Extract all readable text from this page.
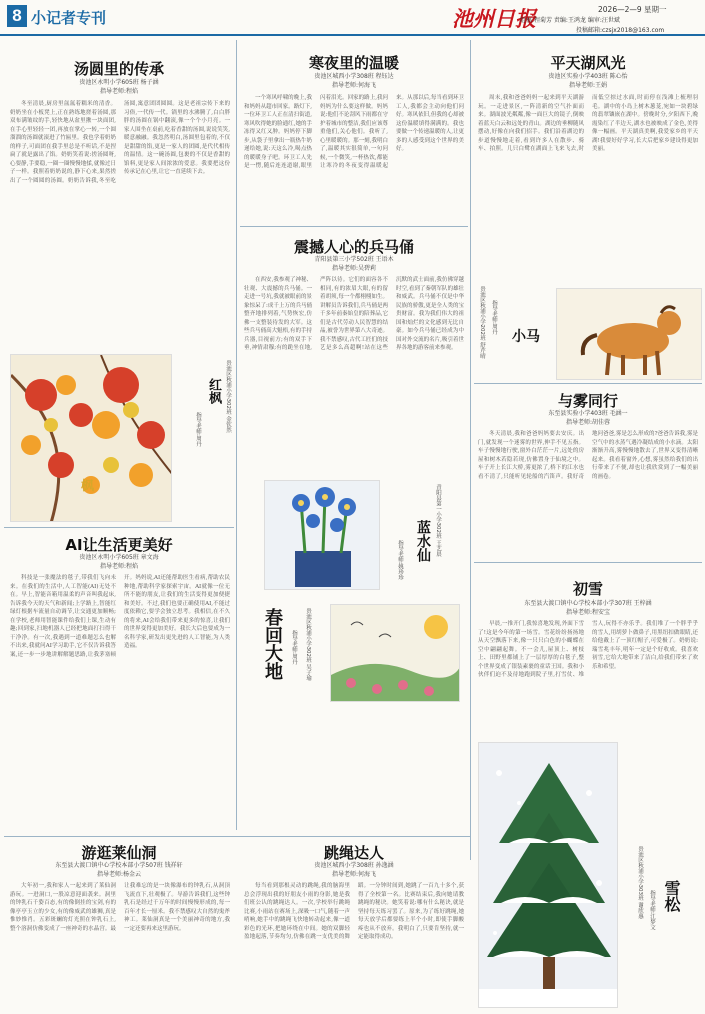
8 小记者专刊	池州日报	2026—2—9 星期一
组稿:程菊芳 责编:王鸿龙 编审:汪世斌
投稿邮箱:czsjx2018@163.com
汤圆里的传承
贵池区永明小学605班 杨子涵
指导老师:程焰
冬至清晨,厨房里氤氲着糯米的清香。奶奶坐在小板凳上,正在熟练地搓着汤圆,那双布满皱纹的手,轻快地从盆里揪一块面团,在手心里轻轻一团,再放在掌心一转,一个圆溜溜的汤圆就滚进了竹匾里。我也学着奶奶的样子,可面团在我手里总是不听话,不是捏扁了就是露出了馅。奶奶笑着说:搓汤圆呀,心要静,手要稳,一圈一圈慢慢地揉,就像过日子一样。我照着奶奶说的,静下心来,果然搓出了一个圆圆的汤圆。奶奶告诉我,冬至吃汤圆,寓意团团圆圆。这是老祖宗传下来的习俗,一代传一代。锅里的水沸腾了,白白胖胖的汤圆在锅中翻滚,像一个个小月亮。一家人围坐在桌前,吃着香甜的汤圆,说说笑笑,暖意融融。我忽然明白,汤圆里包着的,不仅是甜甜的馅,更是一家人的团圆,是代代相传的温情。这一碗汤圆,包裹的不仅是香甜的馅料,更是家人间浓浓的爱意。我要把这份传承记在心里,让它一直延续下去。
枫
红枫 贵池区秋浦小学302班 金钦然
指导老师:周丹
AI让生活更美好
贵池区永明小学605班 章文海
指导老师:程焰
科技是一张魔法的毯子,带我们飞向未来。在我们的生活中,人工智能(AI)无处不在。早上,智能音箱用温柔的声音叫我起床,告诉我今天的天气和新闻;上学路上,智能红绿灯根据车流量自动调节,让交通更加顺畅;在学校,老师用智能课件给我们上课,生动有趣;回到家,扫地机器人已经把地面打扫得干干净净。有一次,我遇到一道难题怎么也解不出来,我就问AI学习助手,它不仅告诉我答案,还一步一步地讲解解题思路,让我茅塞顿开。妈妈说,AI还能帮助医生看病,帮助农民种地,帮助科学家探索宇宙。AI就像一位无所不能的朋友,让我们的生活变得更加便捷和美好。不过,我们也要正确使用AI,不能过度依赖它,要学会独立思考。我相信,在不久的将来,AI会给我们带来更多的惊喜,让我们的世界变得更加美好。我长大后也要成为一名科学家,研发出更先进的人工智能,为人类造福。
寒夜里的温暖
贵池区城西小学308班 程钰达
指导老师:何海飞
一个寒风呼啸的晚上,我和妈妈从超市回家。路灯下,一位环卫工人正在清扫街道,寒风吹得她的脸通红,她的手冻得又红又肿。妈妈停下脚步,从袋子里拿出一瓶热牛奶递给她,说:天这么冷,喝点热的暖暖身子吧。环卫工人先是一愣,随后连连道谢,眼里闪着泪光。回家的路上,我问妈妈为什么要这样做。妈妈说:他们不论刮风下雨都在守护着城市的整洁,我们应该尊重他们,关心他们。我听了,心里暖暖的。那一刻,我明白了,温暖其实很简单,一句问候,一个微笑,一杯热饮,都能让寒冷的冬夜变得温暖起来。从那以后,每当看到环卫工人,我都会主动向他们问好。寒风依旧,但我的心却被这份温暖填得满满的。我也要做一个传递温暖的人,让更多的人感受到这个世界的美好。
震撼人心的兵马俑
青阳县第三小学502班 王语木
指导老师:吴碧莉
在西安,我参观了神秘、壮观、大震撼的兵马俑。一走进一号坑,我就被眼前的景象惊呆了:成千上万的兵马俑整齐地排列着,气势恢宏,仿佛一支整装待发的大军。这些兵马俑高大魁梧,有的手持兵器,目视前方;有的双手下垂,神情肃穆;有的跪坐在地,严阵以待。它们的面容各不相同,有的浓眉大眼,有的留着胡须,每一个都栩栩如生。讲解员告诉我们,兵马俑是两千多年前秦始皇的陪葬品,它们是古代劳动人民智慧的结晶,被誉为世界第八大奇迹。我不禁感叹,古代工匠们的技艺是多么高超啊!站在这些沉默的武士面前,我仿佛穿越时空,看到了秦朝军队的雄壮和威武。兵马俑不仅是中华民族的骄傲,更是全人类的宝贵财富。我为我们伟大的祖国和灿烂的文化感到无比自豪。如今兵马俑已经成为中国对外交流的名片,吸引着世界各地的游客前来参观。
蓝水仙 青阳县第一小学302班 王艺晨
指导老师:姚珍珍
春回大地	贵池区秋浦小学302班 吴子瑜
指导老师:周丹
游逛莱仙洞
东至县大渡口镇中心学校本部小学507班 钱祥轩
指导老师:杨金云
大年初一,我和家人一起来到了莱仙洞游玩。一进洞口,一股凉意迎面袭来。洞里的钟乳石千姿百态,有的像倒挂的宝剑,有的像亭亭玉立的少女,有的像威武的雄狮,真是惟妙惟肖。五彩斑斓的灯光照在钟乳石上,整个溶洞仿佛变成了一座神奇的水晶宫。最让我难忘的是一块像瀑布的钟乳石,从洞顶飞流直下,壮观极了。导游告诉我们,这些钟乳石是经过千万年的时间慢慢形成的,每一百年才长一厘米。我不禁感叹大自然的鬼斧神工。莱仙洞真是一个美丽神奇的地方,我一定还要再来这里游玩。
跳绳达人
贵池区城西小学308班 孙逸涵
指导老师:何海飞
每当看到那根灵动的跳绳,我的脑海里总会浮现出我的好朋友小雨的身影,她是我们班公认的跳绳达人。一次,学校举行跳绳比赛,小雨站在赛场上,深吸一口气,随着一声哨响,她手中的跳绳飞快地转动起来,像一道彩色的光环,把她环绕在中间。她的双脚轻盈地起落,节奏均匀,仿佛在跳一支优美的舞蹈。一分钟时间到,她跳了一百九十多个,获得了全校第一名。比赛结束后,我向她请教跳绳的秘诀。她笑着说:哪有什么秘诀,就是坚持每天练习罢了。原来,为了练好跳绳,她每天放学后都要练上半个小时,即使手脚酸疼也从不放弃。我明白了,只要肯坚持,就一定能取得成功。
平天湖风光
贵池区实验小学403班 陈心怡
指导老师:王娟
周末,我和爸爸妈妈一起来到平天湖游玩。一走进景区,一阵清新的空气扑面而来。湖面波光粼粼,像一面巨大的镜子,倒映着蓝天白云和远处的青山。湖边的垂柳随风摆动,好像在向我们招手。我们沿着湖边的步道慢慢地走着,看到许多人在散步、骑车、拍照。几只白鹭在湖面上飞来飞去,时而低空掠过水面,时而停在浅滩上梳理羽毛。湖中的小岛上树木葱茏,宛如一块碧绿的翡翠镶嵌在湖中。傍晚时分,夕阳西下,晚霞染红了半边天,湖水也被映成了金色,美得像一幅画。平天湖真美啊,我爱家乡的平天湖!我要好好学习,长大后把家乡建设得更加美丽。
贵池区秋浦小学202班 舒芹晴 指导老师:周丹
小马
与雾同行
东至县实验小学403班 毛涵一
指导老师:胡佳蓉
冬天清晨,我和爸爸妈妈要去安庆。出门,就发现一个迷雾的世界,伸手不见五指。车子慢慢地行驶,窗外白茫茫一片,远处的房屋和树木若隐若现,仿佛置身于仙境之中。车子开上长江大桥,雾更浓了,桥下的江水也看不清了,只能听见轮船的汽笛声。我好奇地问爸爸,雾是怎么形成的?爸爸告诉我,雾是空气中的水蒸气遇冷凝结成的小水滴。太阳渐渐升高,雾慢慢地散去了,世界又变得清晰起来。我看着窗外,心想,雾虽然给我们的出行带来了不便,却也让我欣赏到了一幅美丽的画卷。
初雪
东至县大渡口镇中心学校本部小学307班 王梓涵
指导老师:程安宝
早晨,一推开门,我惊喜地发现,外面下雪了!这是今年的第一场雪。雪花纷纷扬扬地从天空飘落下来,像一只只白色的小蝴蝶在空中翩翩起舞。不一会儿,屋顶上、树枝上、田野里都铺上了一层厚厚的白毯子,整个世界变成了银装素裹的童话王国。我和小伙伴们迫不及待地跑到院子里,打雪仗、堆雪人,玩得不亦乐乎。我们堆了一个胖乎乎的雪人,用胡萝卜做鼻子,用黑纽扣做眼睛,还给他戴上了一顶红帽子,可爱极了。奶奶说:瑞雪兆丰年,明年一定是个好收成。我喜欢初雪,它给大地带来了洁白,给我们带来了欢乐和希望。
雪松
贵池区秋浦小学303班 谢欣惠 指导老师:江梦文
